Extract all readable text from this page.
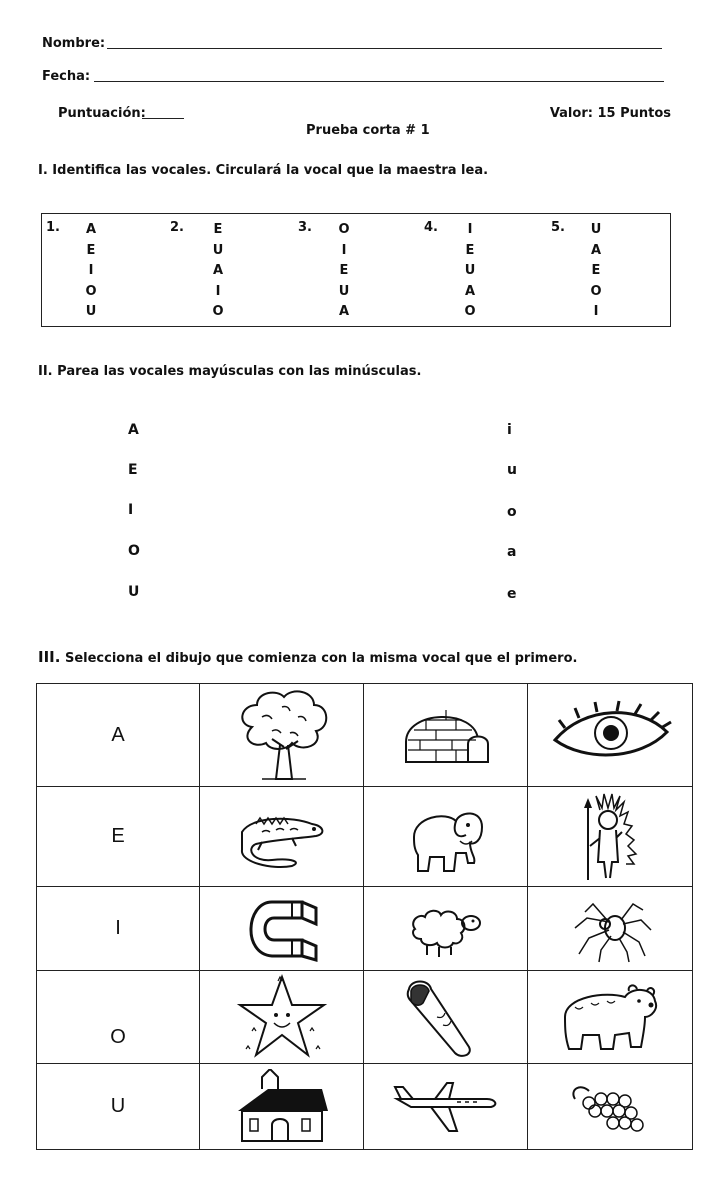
Nombre:
Fecha:
Puntuación:	Valor: 15 Puntos
Prueba corta # 1
I. Identifica las vocales. Circulará la vocal que la maestra lea.
1.	A
E
I
O
U
2.	E
U
A
I
O
3.	O
I
E
U
A
4.	I
E
U
A
O
5.	U
A
E
O
I
II. Parea las vocales mayúsculas con las minúsculas.
A
E
I
O
U
i
u
o
a
e
III. Selecciona el dibujo que comienza con la misma vocal que el primero.
A	

E	

I	

O	

U	
